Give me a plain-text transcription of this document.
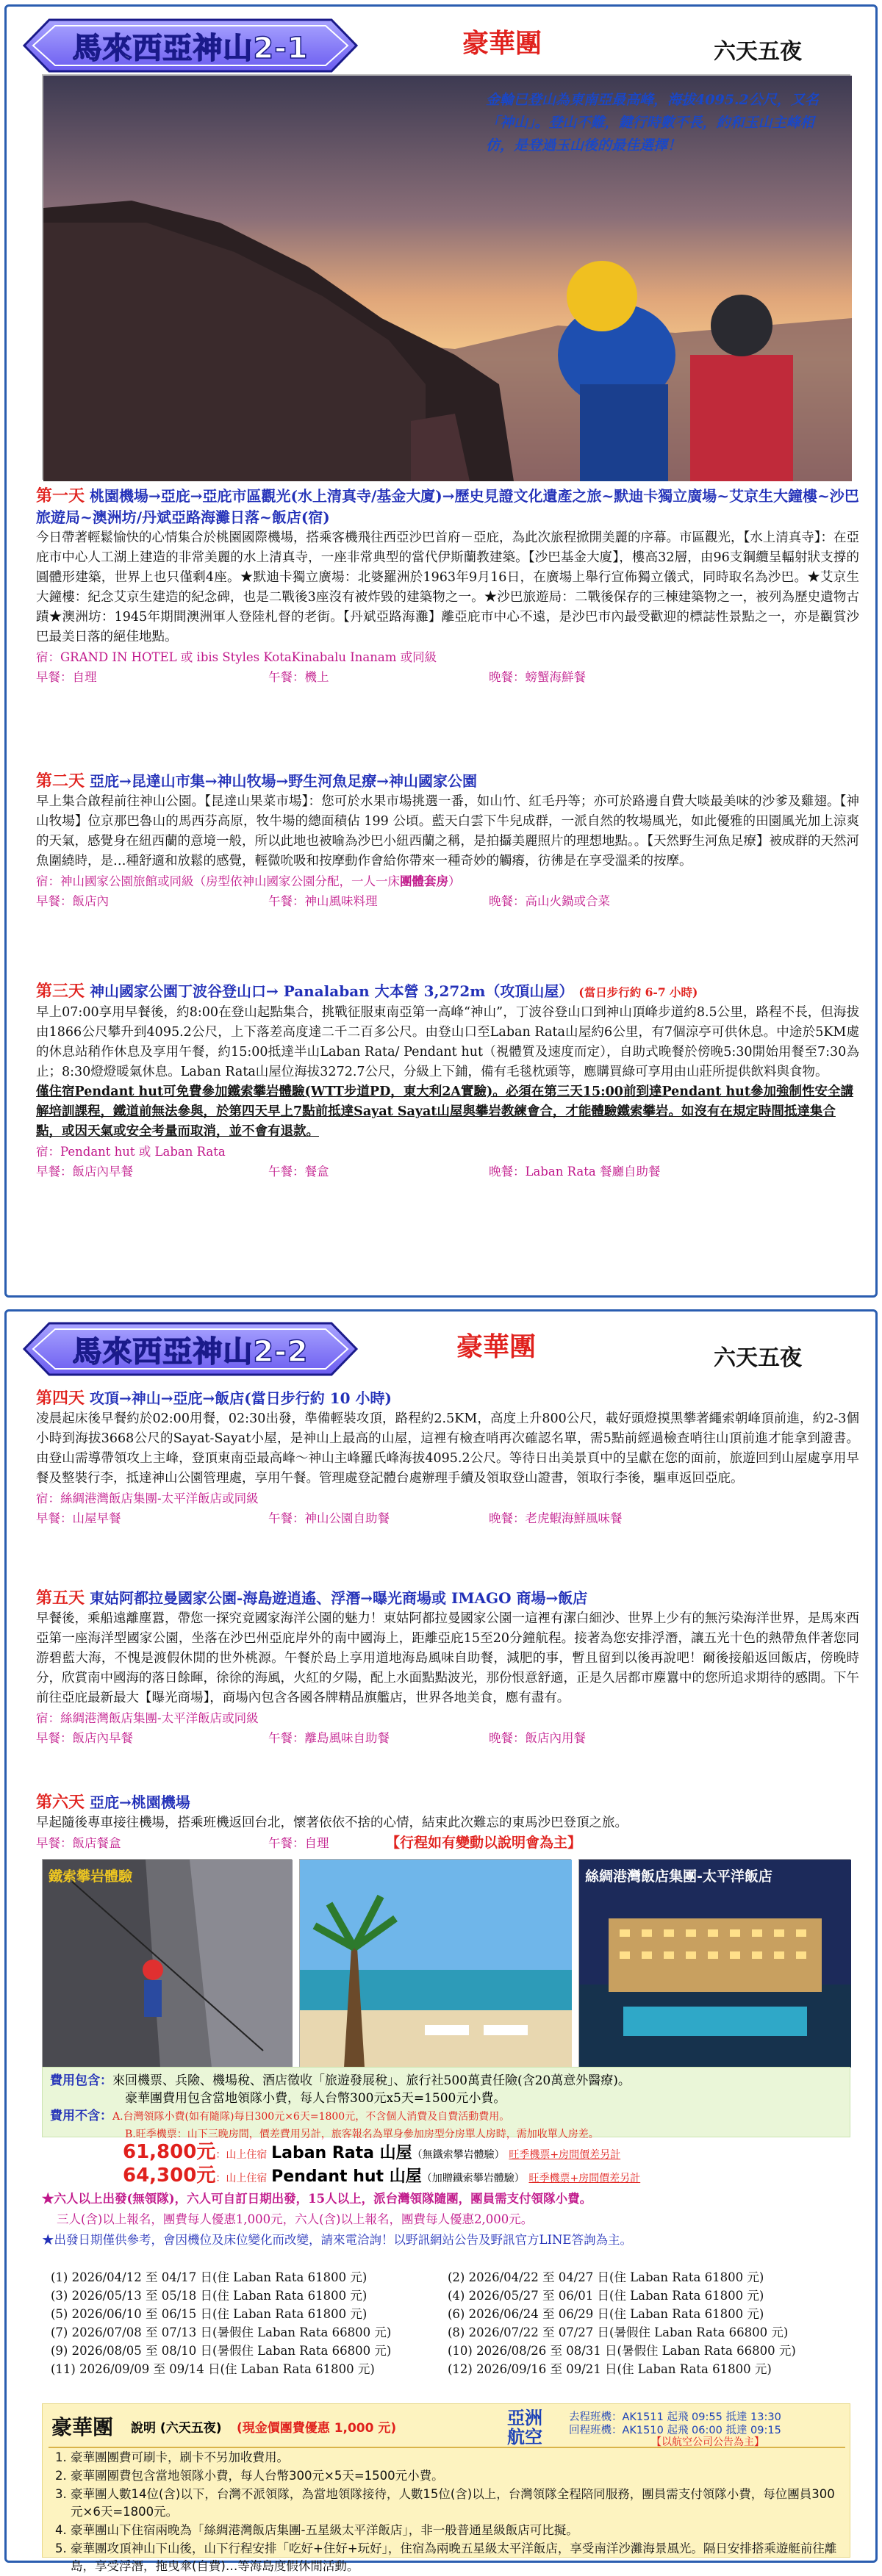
馬來西亞神山2-1	豪華團	六天五夜
金輪已登山為東南亞最高峰，海拔4095.2公尺，又名「神山」。登山不難，鍵行時數不長，約和玉山主峰相仿，是登過玉山後的最佳選擇！
第一天 桃園機場→亞庇→亞庇市區觀光(水上清真寺/基金大廈)→歷史見證文化遺產之旅~默迪卡獨立廣場~艾京生大鐘樓~沙巴旅遊局~澳洲坊/丹斌亞路海灘日落~飯店(宿)
今日帶著輕鬆愉快的心情集合於桃園國際機場，搭乘客機飛往西亞沙巴首府－亞庇，為此次旅程掀開美麗的序幕。市區觀光，【水上清真寺】：在亞庇市中心人工湖上建造的非常美麗的水上清真寺，一座非常典型的當代伊斯蘭教建築。【沙巴基金大廈】，樓高32層，由96支鋼纜呈輻射狀支撐的圓體形建築，世界上也只僅剩4座。★默迪卡獨立廣場：北婆羅洲於1963年9月16日，在廣場上舉行宣佈獨立儀式，同時取名為沙巴。★艾京生大鐘樓：紀念艾京生建造的紀念碑，也是二戰後3座沒有被炸毀的建築物之一。★沙巴旅遊局：二戰後保存的三棟建築物之一，被列為歷史遺物古蹟★澳洲坊：1945年期間澳洲軍人登陸札督的老街。【丹斌亞路海灘】離亞庇市中心不遠，是沙巴市內最受歡迎的標誌性景點之一，亦是觀賞沙巴最美日落的絕佳地點。
宿：GRAND IN HOTEL 或 ibis Styles KotaKinabalu Inanam 或同級
早餐：自理	午餐：機上	晚餐：螃蟹海鮮餐
第二天 亞庇→昆達山市集→神山牧場→野生河魚足療→神山國家公園
早上集合啟程前往神山公園。【昆達山果菜市場】：您可於水果市場挑選一番，如山竹、紅毛丹等；亦可於路邊自費大啖最美味的沙爹及雞翅。【神山牧場】位京那巴魯山的馬西芬高原，牧牛場的總面積佔 199 公頃。藍天白雲下牛兒成群，一派自然的牧場風光，如此優雅的田園風光加上涼爽的天氣，感覺身在紐西蘭的意境一般，所以此地也被喻為沙巴小紐西蘭之稱，是拍攝美麗照片的理想地點。。【天然野生河魚足療】被成群的天然河魚圍繞時，是…種舒適和放鬆的感覺，輕微吮吸和按摩動作會給你帶來一種奇妙的觸癢，彷彿是在享受溫柔的按摩。
宿：神山國家公園旅館或同級（房型依神山國家公園分配，一人一床團體套房）
早餐：飯店內	午餐：神山風味料理	晚餐：高山火鍋或合菜
第三天 神山國家公園丁波谷登山口→ Panalaban 大本營 3,272m（攻頂山屋） (當日步行約 6-7 小時)
早上07:00享用早餐後，約8:00在登山起點集合，挑戰征服東南亞第一高峰“神山”，丁波谷登山口到神山頂峰步道約8.5公里，路程不長，但海拔由1866公尺攀升到4095.2公尺，上下落差高度達二千二百多公尺。由登山口至Laban Rata山屋約6公里，有7個涼亭可供休息。中途於5KM處的休息站稍作休息及享用午餐，約15:00抵達半山Laban Rata/ Pendant hut（視體質及速度而定），自助式晚餐於傍晚5:30開始用餐至7:30為止；8:30燈燈暖氣休息。Laban Rata山屋位海拔3272.7公尺，分級上下鋪，備有毛毯枕頭等，應購買綠可享用由山莊所提供飲料與食物。
僅住宿Pendant hut可免費參加鐵索攀岩體驗(WTT步道PD，東大利2A實驗)。必須在第三天15:00前到達Pendant hut參加強制性安全講解培訓課程，鐵道前無法參與，於第四天早上7點前抵達Sayat Sayat山屋與攀岩教練會合，才能體驗鐵索攀岩。如沒有在規定時間抵達集合點，或因天氣或安全考量而取消，並不會有退款。
宿：Pendant hut 或 Laban Rata
早餐：飯店內早餐	午餐：餐盒	晚餐：Laban Rata 餐廳自助餐
馬來西亞神山2-2	豪華團	六天五夜
第四天 攻頂→神山→亞庇→飯店(當日步行約 10 小時)
凌晨起床後早餐約於02:00用餐，02:30出發，準備輕裝攻頂，路程約2.5KM，高度上升800公尺，載好頭燈摸黑攀著繩索朝峰頂前進，約2-3個小時到海拔3668公尺的Sayat-Sayat小屋，是神山上最高的山屋，這裡有檢查哨再次確認名單，需5點前經過檢查哨往山頂前進才能拿到證書。由登山需導帶領攻上主峰，登頂東南亞最高峰～神山主峰羅氏峰海拔4095.2公尺。等待日出美景頁中的呈獻在您的面前，旅遊回到山屋處享用早餐及整裝行李，抵達神山公園管理處，享用午餐。管理處登記體台處辦理手續及領取登山證書，領取行李後，驅車返回亞庇。
宿：絲綢港灣飯店集團-太平洋飯店或同級
早餐：山屋早餐	午餐：神山公園自助餐	晚餐：老虎蝦海鮮風味餐
第五天 東姑阿都拉曼國家公園-海島遊逍遙、浮潛→曝光商場或 IMAGO 商場→飯店
早餐後，乘船遠離塵囂，帶您一探究竟國家海洋公園的魅力！東姑阿都拉曼國家公園一這裡有潔白細沙、世界上少有的無污染海洋世界，是馬來西亞第一座海洋型國家公園，坐落在沙巴州亞庇岸外的南中國海上，距離亞庇15至20分鐘航程。接著為您安排浮潛，讓五光十色的熱帶魚伴著您同游碧藍大海，不愧是渡假休閒的世外桃源。午餐於島上享用道地海島風味自助餐，減肥的事，暫且留到以後再說吧！爾後接船返回飯店，傍晚時分，欣賞南中國海的落日餘暉，徐徐的海風，火紅的夕陽，配上水面點點波光，那份恨意舒適，正是久居都市塵囂中的您所追求期待的感間。下午前往亞庇最新最大【曝光商場】，商場內包含各國各牌精品旗艦店，世界各地美食，應有盡有。
宿：絲綢港灣飯店集團-太平洋飯店或同級
早餐：飯店內早餐	午餐：離島風味自助餐	晚餐：飯店內用餐
第六天 亞庇→桃園機場
早起隨後專車接往機場，搭乘班機返回台北，懷著依依不捨的心情，結束此次難忘的東馬沙巴登頂之旅。
早餐：飯店餐盒	午餐：自理	【行程如有變動以說明會為主】
鐵索攀岩體驗	絲綢港灣飯店集團-太平洋飯店
費用包含：來回機票、兵險、機場稅、酒店徵收「旅遊發展稅」、旅行社500萬責任險(含20萬意外醫療)。
豪華團費用包含當地領隊小費，每人台幣300元x5天=1500元小費。
費用不含：A.台灣領隊小費(如有隨隊)每日300元×6天=1800元，不含個人消費及自費活動費用。
B.旺季機票：山下三晚房間，價差費用另計，旅客報名為單身參加房型分房單人房時，需加收單人房差。
61,800元：山上住宿 Laban Rata 山屋（無鐵索攀岩體驗） 旺季機票+房間價差另計
64,300元：山上住宿 Pendant hut 山屋（加贈鐵索攀岩體驗） 旺季機票+房間價差另計
★六人以上出發(無領隊)，六人可自訂日期出發，15人以上，派台灣領隊隨團，團員需支付領隊小費。
三人(含)以上報名，團費每人優惠1,000元，六人(含)以上報名，團費每人優惠2,000元。
★出發日期僅供參考，會因機位及床位變化而改變，請來電洽詢！以野訊網站公告及野訊官方LINE答詢為主。
(1) 2026/04/12 至 04/17 日(住 Laban Rata 61800 元)	(2) 2026/04/22 至 04/27 日(住 Laban Rata 61800 元)
(3) 2026/05/13 至 05/18 日(住 Laban Rata 61800 元)	(4) 2026/05/27 至 06/01 日(住 Laban Rata 61800 元)
(5) 2026/06/10 至 06/15 日(住 Laban Rata 61800 元)	(6) 2026/06/24 至 06/29 日(住 Laban Rata 61800 元)
(7) 2026/07/08 至 07/13 日(暑假住 Laban Rata 66800 元)	(8) 2026/07/22 至 07/27 日(暑假住 Laban Rata 66800 元)
(9) 2026/08/05 至 08/10 日(暑假住 Laban Rata 66800 元)	(10) 2026/08/26 至 08/31 日(暑假住 Laban Rata 66800 元)
(11) 2026/09/09 至 09/14 日(住 Laban Rata 61800 元)	(12) 2026/09/16 至 09/21 日(住 Laban Rata 61800 元)
豪華團 說明 (六天五夜) (現金價團費優惠 1,000 元)	亞洲航空
去程班機：AK1511 起飛 09:55 抵達 13:30
回程班機：AK1510 起飛 06:00 抵達 09:15
【以航空公司公告為主】
1. 豪華團團費可刷卡，刷卡不另加收費用。
2. 豪華團團費包含當地領隊小費，每人台幣300元×5天=1500元小費。
3. 豪華團人數14位(含)以下，台灣不派領隊，為當地領隊接待，人數15位(含)以上，台灣領隊全程陪同服務，團員需支付領隊小費，每位團員300元×6天=1800元。
4. 豪華團山下住宿兩晚為「絲綢港灣飯店集團-五星級太平洋飯店」，非一般普通星級飯店可比擬。
5. 豪華團攻頂神山下山後，山下行程安排「吃好+住好+玩好」，住宿為兩晚五星級太平洋飯店，享受南洋沙灘海景風光。隔日安排搭乘遊艇前往離島，享受浮潛，拖曳傘(自費)…等海島度假休閒活動。
